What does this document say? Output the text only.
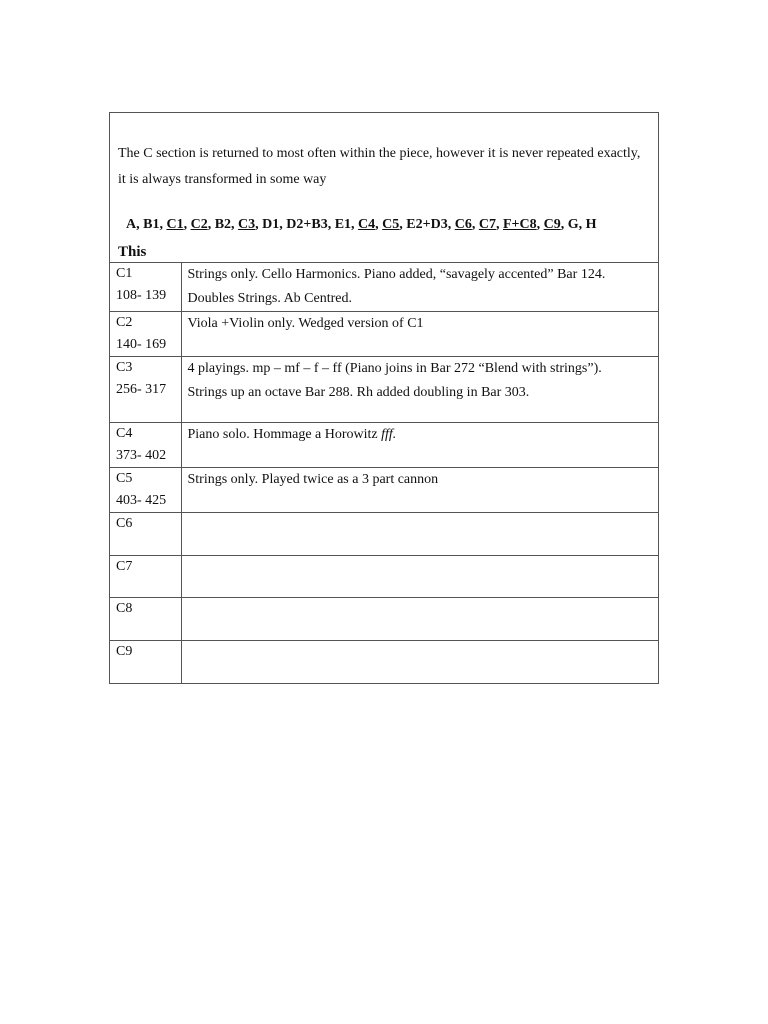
The C section is returned to most often within the piece, however it is never repeated exactly, it is always transformed in some way

A, B1, C1, C2, B2, C3, D1, D2+B3, E1, C4, C5, E2+D3, C6, C7, F+C8, C9, G, H
This
C1
108- 139	Strings only. Cello Harmonics. Piano added, “savagely accented” Bar 124.
Doubles Strings. Ab Centred.

C2
140- 169	Viola +Violin only. Wedged version of C1

C3
256- 317	4 playings. mp – mf – f – ff (Piano joins in Bar 272 “Blend with strings”).
Strings up an octave Bar 288. Rh added doubling in Bar 303.

C4
373- 402	Piano solo. Hommage a Horowitz fff.

C5
403- 425	Strings only. Played twice as a 3 part cannon

C6	

C7	

C8	

C9	
